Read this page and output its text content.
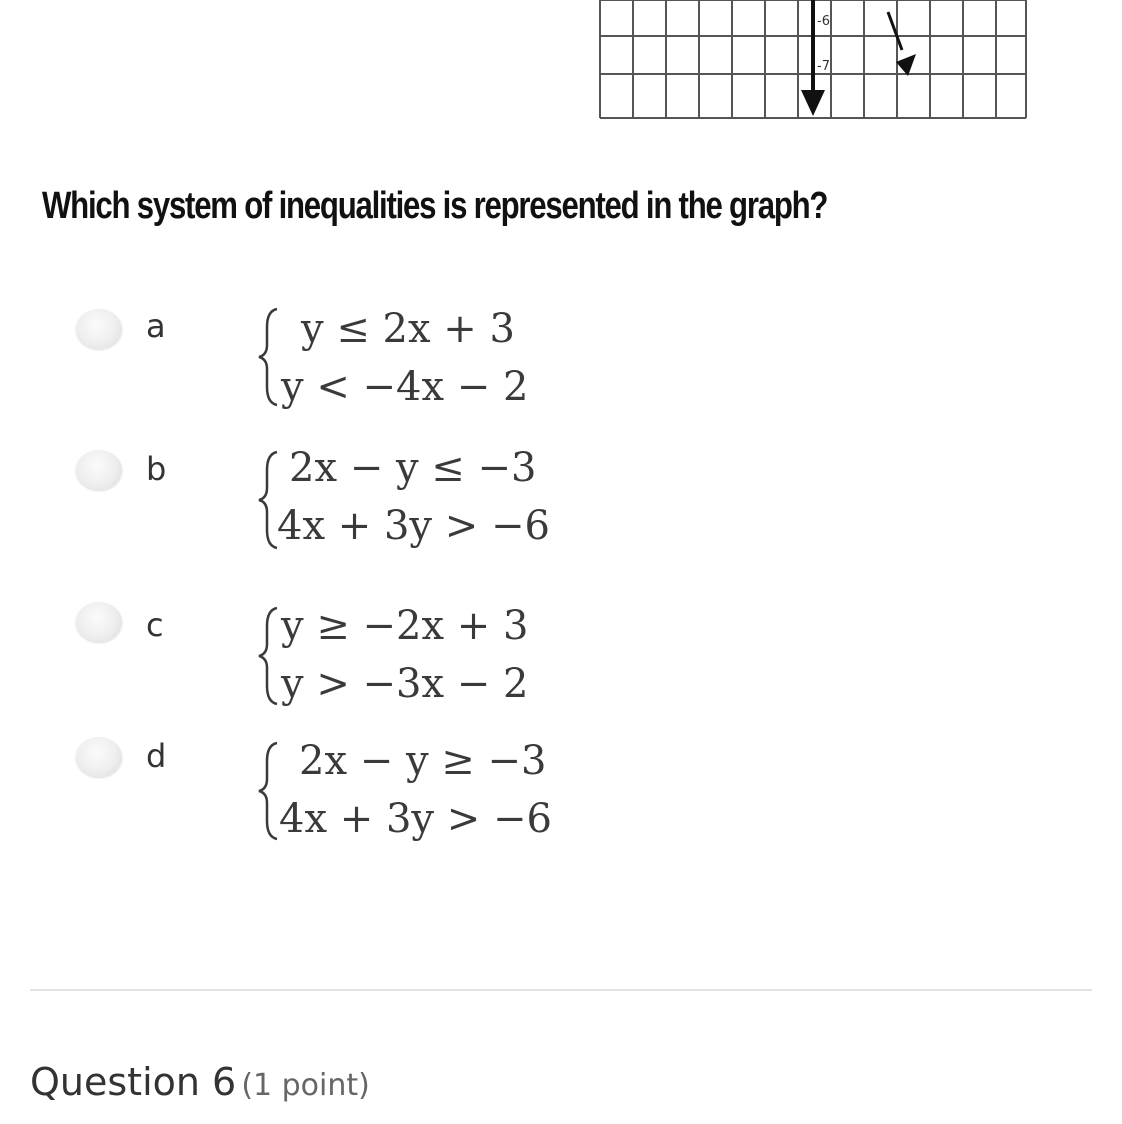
-6
-7
Which system of inequalities is represented in the graph?
a	y ≤ 2x + 3
y < −4x − 2
b	2x − y ≤ −3
4x + 3y > −6
c	y ≥ −2x + 3
y > −3x − 2
d	2x − y ≥ −3
4x + 3y > −6
Question 6 (1 point)
